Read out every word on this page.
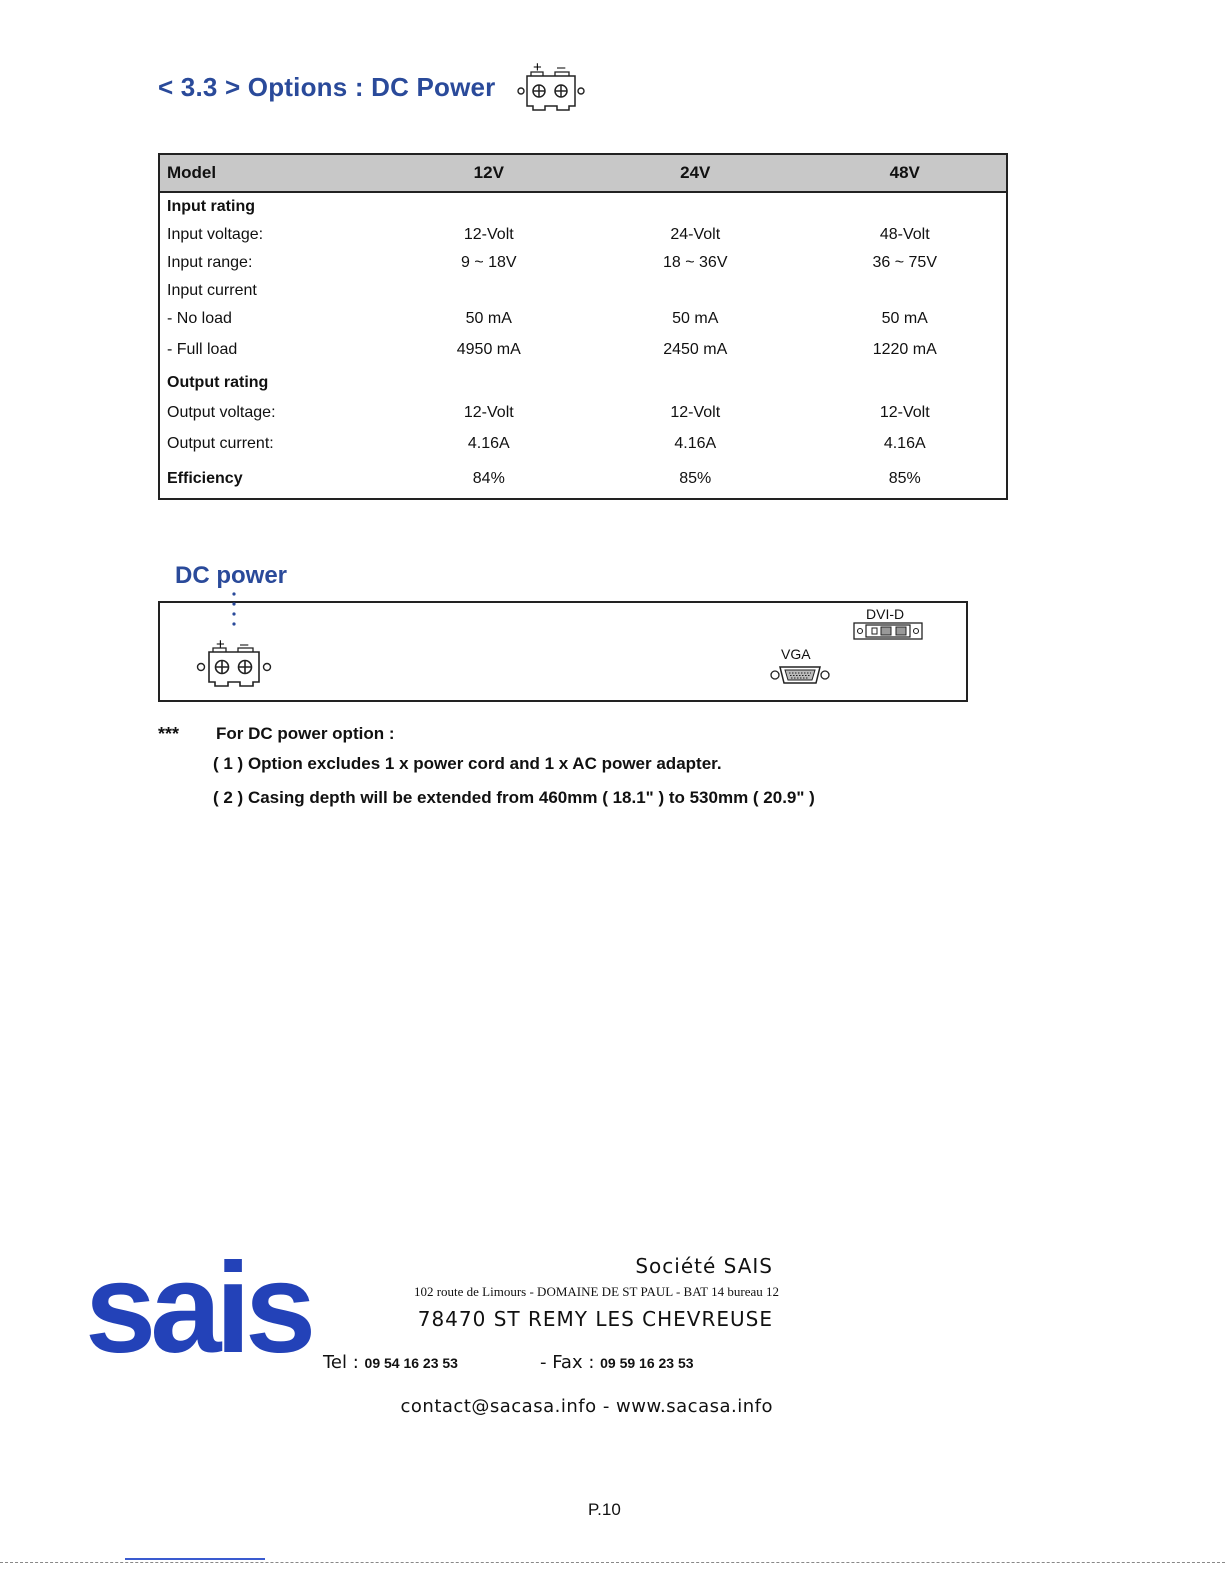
< 3.3 > Options : DC Power
+ –
Model	12V	24V	48V
Input rating			
Input voltage:	12-Volt	24-Volt	48-Volt
Input range:	9 ~ 18V	18 ~ 36V	36 ~ 75V
Input current			
- No load	50 mA	50 mA	50 mA
- Full load	4950 mA	2450 mA	1220 mA
Output rating			
Output voltage:	12-Volt	12-Volt	12-Volt
Output current:	4.16A	4.16A	4.16A
Efficiency	84%	85%	85%
DC power
+ –
VGA
DVI-D
*** For DC power option :
( 1 ) Option excludes 1 x power cord and 1 x AC power adapter.
( 2 ) Casing depth will be extended from 460mm ( 18.1" ) to 530mm ( 20.9" )
sais	Société SAIS
102 route de Limours - DOMAINE DE ST PAUL - BAT 14 bureau 12
78470 ST REMY LES CHEVREUSE
Tel : 09 54 16 23 53	- Fax : 09 59 16 23 53
contact@sacasa.info - www.sacasa.info
P.10
